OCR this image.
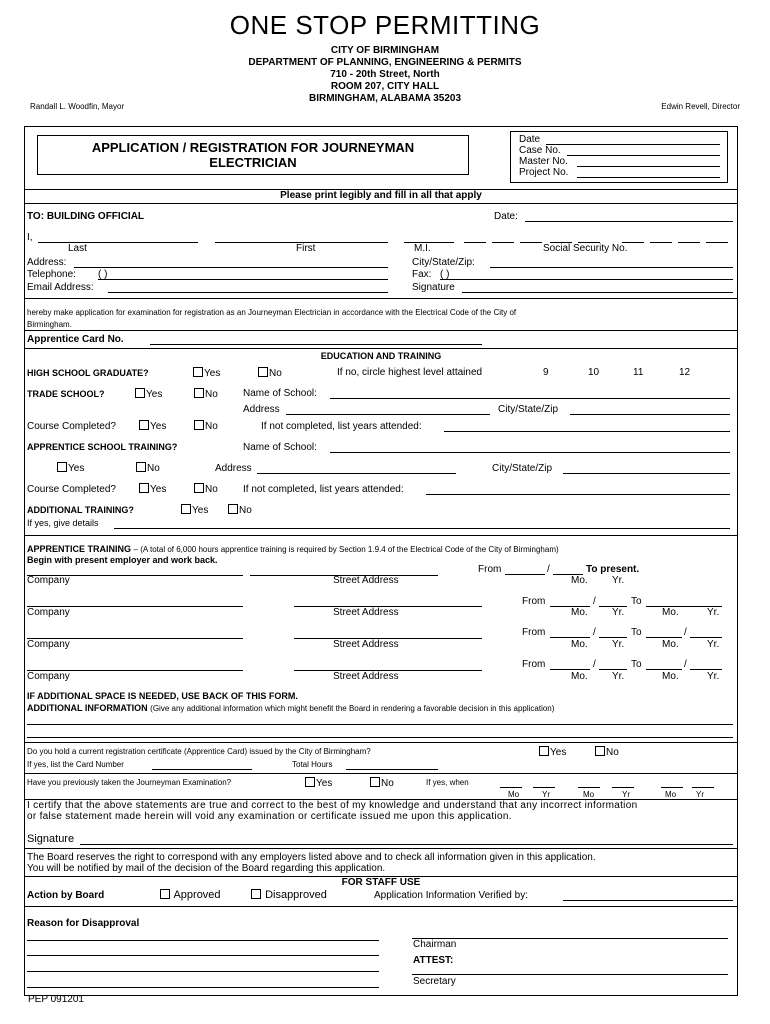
ONE STOP PERMITTING
CITY OF BIRMINGHAM
DEPARTMENT OF PLANNING, ENGINEERING & PERMITS
710 - 20th Street, North
ROOM 207, CITY HALL
BIRMINGHAM, ALABAMA 35203
Randall L. Woodfin, Mayor	Edwin Revell, Director
APPLICATION / REGISTRATION FOR JOURNEYMAN
ELECTRICIAN
Date
Case No.
Master No.
Project No.
Please print legibly and fill in all that apply
TO: BUILDING OFFICIAL	Date:
I,
Last	First	M.I.	Social Security No.
Address:	City/State/Zip:
Telephone: ( )	Fax: ( )
Email Address:	Signature
hereby make application for examination for registration as an Journeyman Electrician in accordance with the Electrical Code of the City of
Birmingham.
Apprentice Card No.
EDUCATION AND TRAINING
HIGH SCHOOL GRADUATE?	Yes	No	If no, circle highest level attained	9	10	11	12
TRADE SCHOOL?	Yes	No	Name of School:
Address	City/State/Zip
Course Completed?	Yes	No	If not completed, list years attended:
APPRENTICE SCHOOL TRAINING?	Name of School:
Yes	No	Address	City/State/Zip
Course Completed?	Yes	No	If not completed, list years attended:
ADDITIONAL TRAINING?	Yes	No
If yes, give details
APPRENTICE TRAINING – (A total of 6,000 hours apprentice training is required by Section 1.9.4 of the Electrical Code of the City of Birmingham)
Begin with present employer and work back.
Company	Street Address
From	/	To present.
Mo. Yr.
Company	Street Address
From	/	To
Mo. Yr.	Mo.	Yr.
Company	Street Address
From	/	To	/
Mo. Yr.	Mo.	Yr.
Company	Street Address
From	/	To	/
Mo. Yr.	Mo.	Yr.
IF ADDITIONAL SPACE IS NEEDED, USE BACK OF THIS FORM.
ADDITIONAL INFORMATION (Give any additional information which might benefit the Board in rendering a favorable decision in this application)
Do you hold a current registration certificate (Apprentice Card) issued by the City of Birmingham?	Yes	No
If yes, list the Card Number	Total Hours
Have you previously taken the Journeyman Examination?	Yes	No	If yes, when
Mo	Yr	Mo	Yr	Mo Yr
I certify that the above statements are true and correct to the best of my knowledge and understand that any incorrect information
or false statement made herein will void any examination or certificate issued me upon this application.
Signature
The Board reserves the right to correspond with any employers listed above and to check all information given in this application.
You will be notified by mail of the decision of the Board regarding this application.
FOR STAFF USE
Action by Board	Approved	Disapproved	Application Information Verified by:
Reason for Disapproval
Chairman
ATTEST:
Secretary
PEP 091201
